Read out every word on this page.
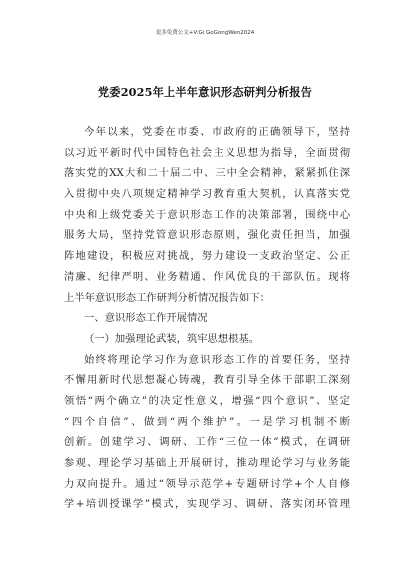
更多免费公文+V:Gi GoGongWen2024
党委2025年上半年意识形态研判分析报告
今年以来，党委在市委、市政府的正确领导下，坚持
以习近平新时代中国特色社会主义思想为指导，全面贯彻
落实党的XX大和二十届二中、三中全会精神，紧紧抓住深
入贯彻中央八项规定精神学习教育重大契机，认真落实党
中央和上级党委关于意识形态工作的决策部署，围绕中心
服务大局，坚持党管意识形态原则，强化责任担当，加强
阵地建设，积极应对挑战，努力建设一支政治坚定、公正
清廉、纪律严明、业务精通、作风优良的干部队伍。现将
上半年意识形态工作研判分析情况报告如下：
一、意识形态工作开展情况
（一）加强理论武装，筑牢思想根基。
始终将理论学习作为意识形态工作的首要任务，坚持
不懈用新时代思想凝心铸魂，教育引导全体干部职工深刻
领悟“两个确立”的决定性意义，增强“四个意识”、坚定
“四个自信”、做到“两个维护”。一是学习机制不断
创新。创建学习、调研、工作“三位一体”模式，在调研
参观、理论学习基础上开展研讨，推动理论学习与业务能
力双向提升。通过“领导示范学+专题研讨学+个人自修
学+培训授课学”模式，实现学习、调研、落实闭环管理
